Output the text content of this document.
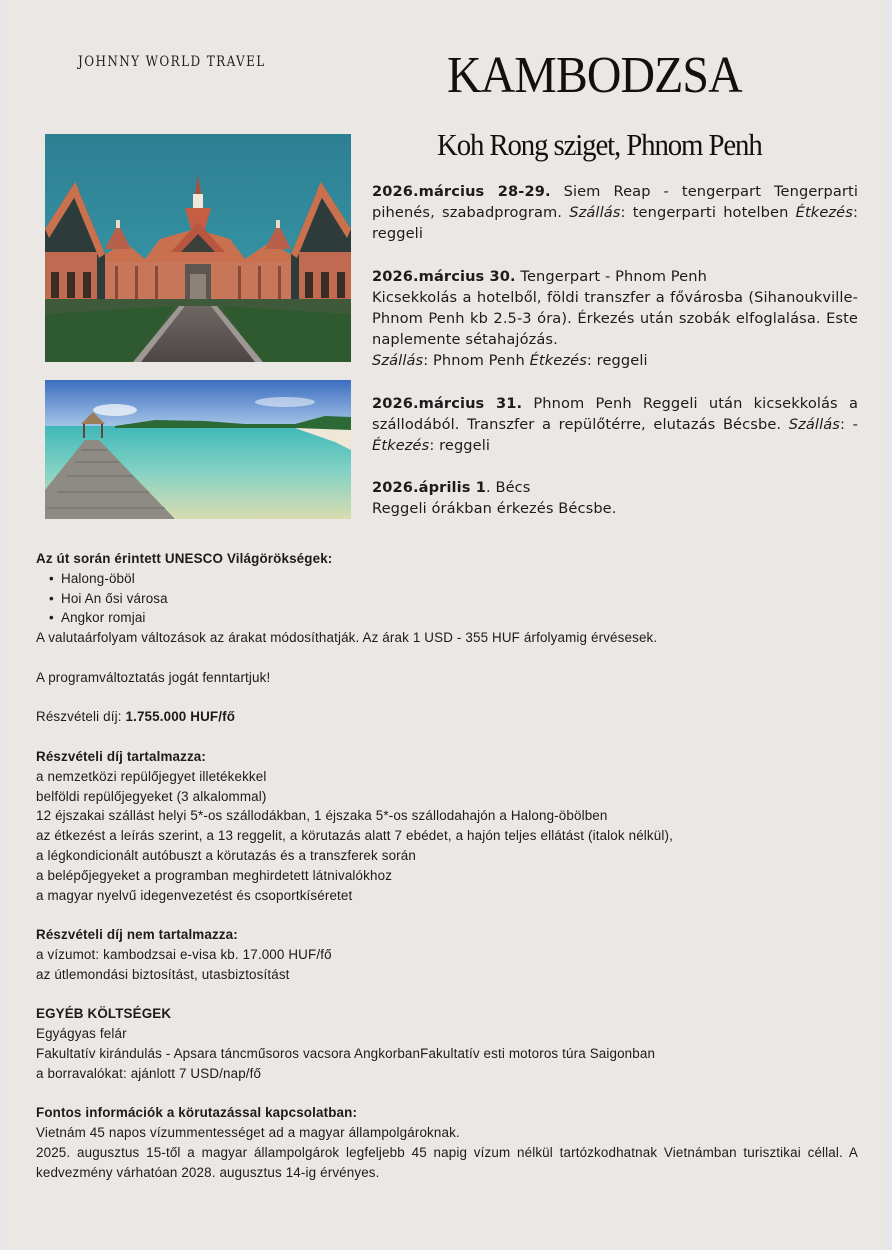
JOHNNY WORLD TRAVEL	KAMBODZSA
Koh Rong sziget, Phnom Penh
2026.március 28-29. Siem Reap - tengerpart Tengerparti pihenés, szabadprogram. Szállás: tengerparti hotelben Étkezés: reggeli
2026.március 30. Tengerpart - Phnom Penh
Kicsekkolás a hotelből, földi transzfer a fővárosba (Sihanoukville-Phnom Penh kb 2.5-3 óra). Érkezés után szobák elfoglalása. Este naplemente sétahajózás.
Szállás: Phnom Penh Étkezés: reggeli
2026.március 31. Phnom Penh Reggeli után kicsekkolás a szállodából. Transzfer a repülőtérre, elutazás Bécsbe. Szállás: - Étkezés: reggeli
2026.április 1. Bécs
Reggeli órákban érkezés Bécsbe.
Az út során érintett UNESCO Világörökségek:
• Halong-öböl
• Hoi An ősi városa
• Angkor romjai
A valutaárfolyam változások az árakat módosíthatják. Az árak 1 USD - 355 HUF árfolyamig érvésesek.
A programváltoztatás jogát fenntartjuk!
Részvételi díj: 1.755.000 HUF/fő
Részvételi díj tartalmazza:
a nemzetközi repülőjegyet illetékekkel
belföldi repülőjegyeket (3 alkalommal)
12 éjszakai szállást helyi 5*-os szállodákban, 1 éjszaka 5*-os szállodahajón a Halong-öbölben
az étkezést a leírás szerint, a 13 reggelit, a körutazás alatt 7 ebédet, a hajón teljes ellátást (italok nélkül),
a légkondicionált autóbuszt a körutazás és a transzferek során
a belépőjegyeket a programban meghirdetett látnivalókhoz
a magyar nyelvű idegenvezetést és csoportkíséretet
Részvételi díj nem tartalmazza:
a vízumot: kambodzsai e-visa kb. 17.000 HUF/fő
az útlemondási biztosítást, utasbiztosítást
EGYÉB KÖLTSÉGEK
Egyágyas felár
Fakultatív kirándulás - Apsara táncműsoros vacsora AngkorbanFakultatív esti motoros túra Saigonban
a borravalókat: ajánlott 7 USD/nap/fő
Fontos információk a körutazással kapcsolatban:
Vietnám 45 napos vízummentességet ad a magyar állampolgároknak.
2025. augusztus 15-től a magyar állampolgárok legfeljebb 45 napig vízum nélkül tartózkodhatnak Vietnámban turisztikai céllal. A kedvezmény várhatóan 2028. augusztus 14-ig érvényes.
